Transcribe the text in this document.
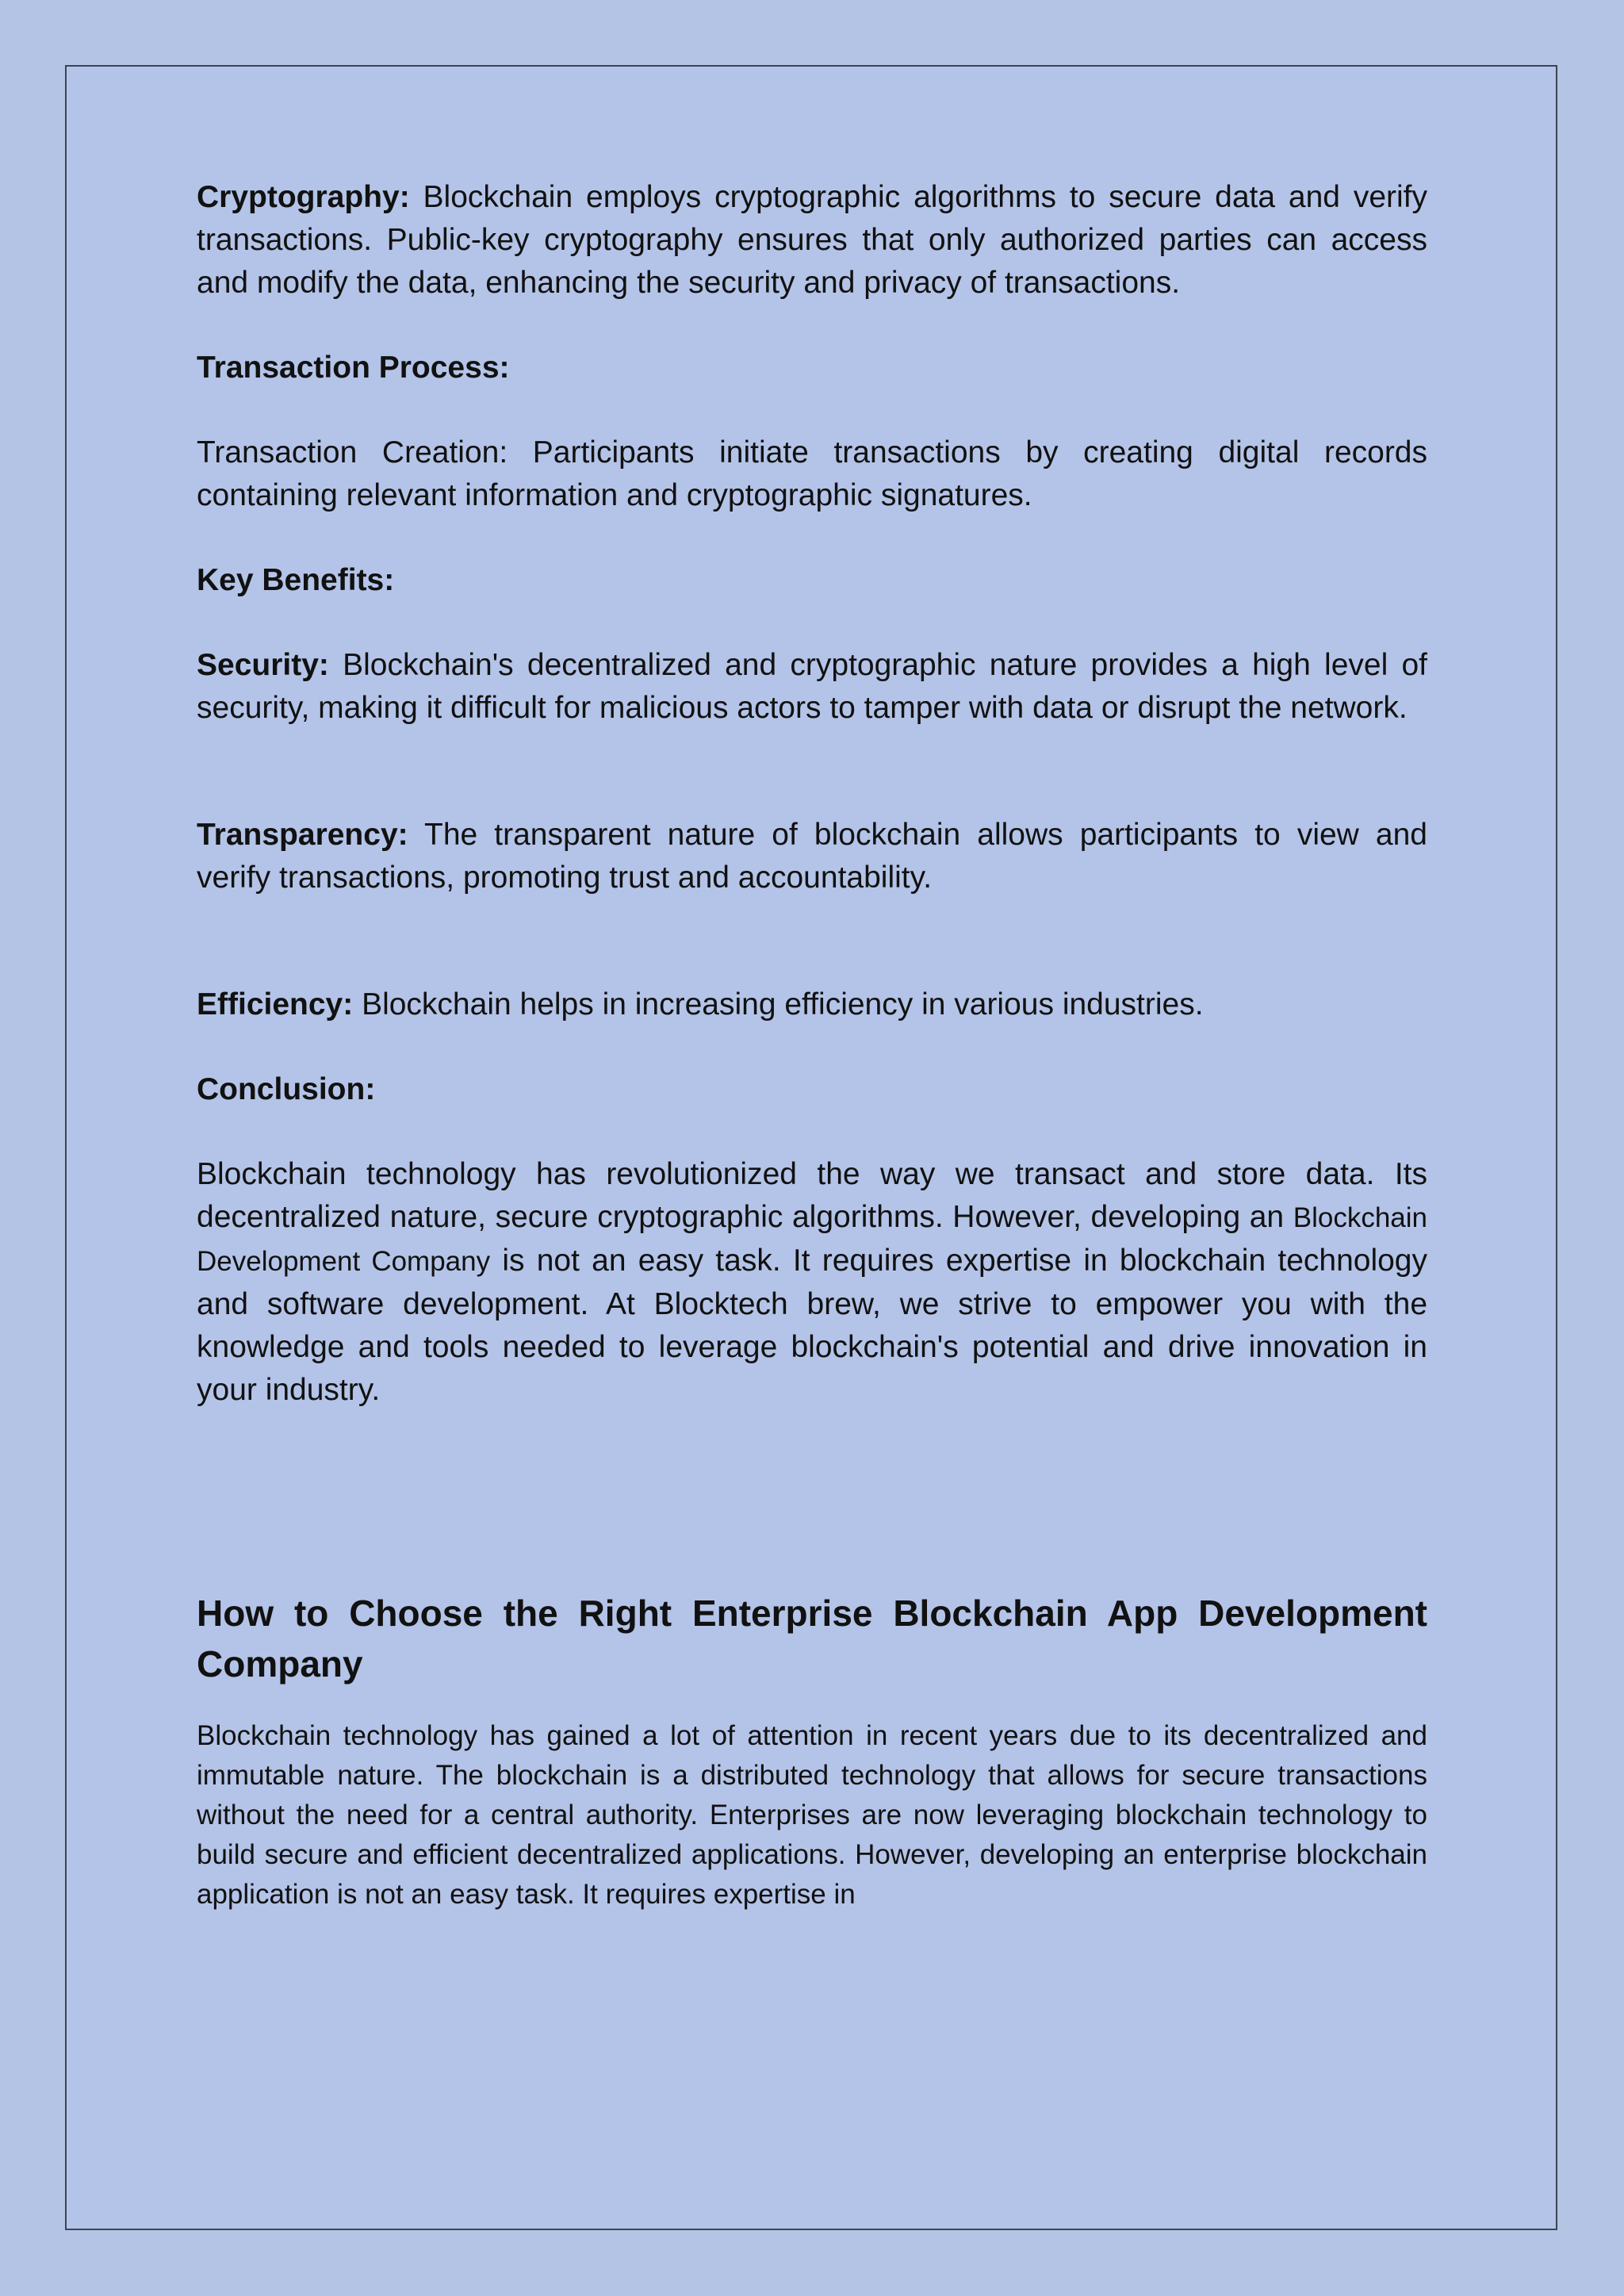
Cryptography: Blockchain employs cryptographic algorithms to secure data and verify transactions. Public-key cryptography ensures that only authorized parties can access and modify the data, enhancing the security and privacy of transactions.

Transaction Process:

Transaction Creation: Participants initiate transactions by creating digital records containing relevant information and cryptographic signatures.

Key Benefits:

Security: Blockchain's decentralized and cryptographic nature provides a high level of security, making it difficult for malicious actors to tamper with data or disrupt the network.

Transparency: The transparent nature of blockchain allows participants to view and verify transactions, promoting trust and accountability.

Efficiency: Blockchain helps in increasing efficiency in various industries.

Conclusion:

Blockchain technology has revolutionized the way we transact and store data. Its decentralized nature, secure cryptographic algorithms. However, developing an Blockchain Development Company is not an easy task. It requires expertise in blockchain technology and software development. At Blocktech brew, we strive to empower you with the knowledge and tools needed to leverage blockchain's potential and drive innovation in your industry.

How to Choose the Right Enterprise Blockchain App Development Company

Blockchain technology has gained a lot of attention in recent years due to its decentralized and immutable nature. The blockchain is a distributed technology that allows for secure transactions without the need for a central authority. Enterprises are now leveraging blockchain technology to build secure and efficient decentralized applications. However, developing an enterprise blockchain application is not an easy task. It requires expertise in
